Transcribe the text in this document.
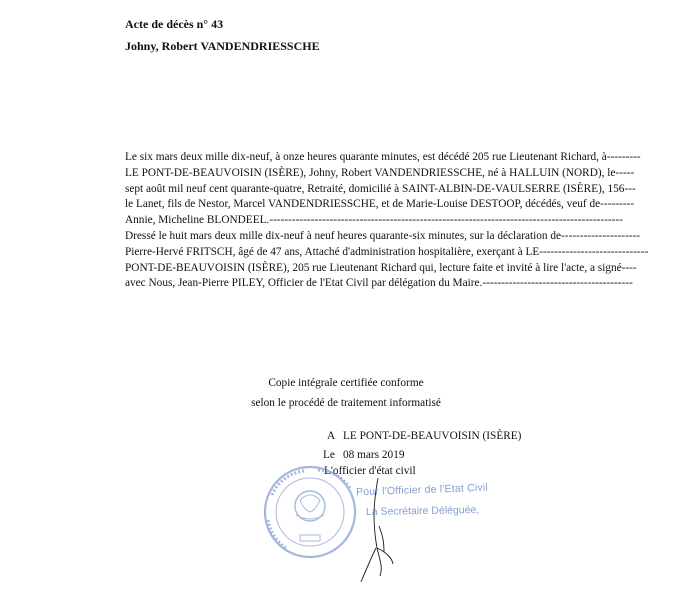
Acte de décès n° 43
Johny, Robert VANDENDRIESSCHE
Le six mars deux mille dix-neuf, à onze heures quarante minutes, est décédé 205 rue Lieutenant Richard, à---------
LE PONT-DE-BEAUVOISIN (ISÈRE), Johny, Robert VANDENDRIESSCHE, né à HALLUIN (NORD), le-----
sept août mil neuf cent quarante-quatre, Retraité, domicilié à SAINT-ALBIN-DE-VAULSERRE (ISÈRE), 156---
le Lanet, fils de Nestor, Marcel VANDENDRIESSCHE, et de Marie-Louise DESTOOP, décédés, veuf de---------
Annie, Micheline BLONDEEL.----------------------------------------------------------------------------------------------
Dressé le huit mars deux mille dix-neuf à neuf heures quarante-six minutes, sur la déclaration de---------------------
Pierre-Hervé FRITSCH, âgé de 47 ans, Attaché d'administration hospitalière, exerçant à LE-----------------------------
PONT-DE-BEAUVOISIN (ISÈRE), 205 rue Lieutenant Richard qui, lecture faite et invité à lire l'acte, a signé----
avec Nous, Jean-Pierre PILEY, Officier de l'Etat Civil par délégation du Maire.----------------------------------------
Copie intégrale certifiée conforme
selon le procédé de traitement informatisé
A LE PONT-DE-BEAUVOISIN (ISÈRE)
Le 08 mars 2019
L'officier d'état civil
Pour l'Officier de l'Etat Civil
La Secrétaire Déléguée,
